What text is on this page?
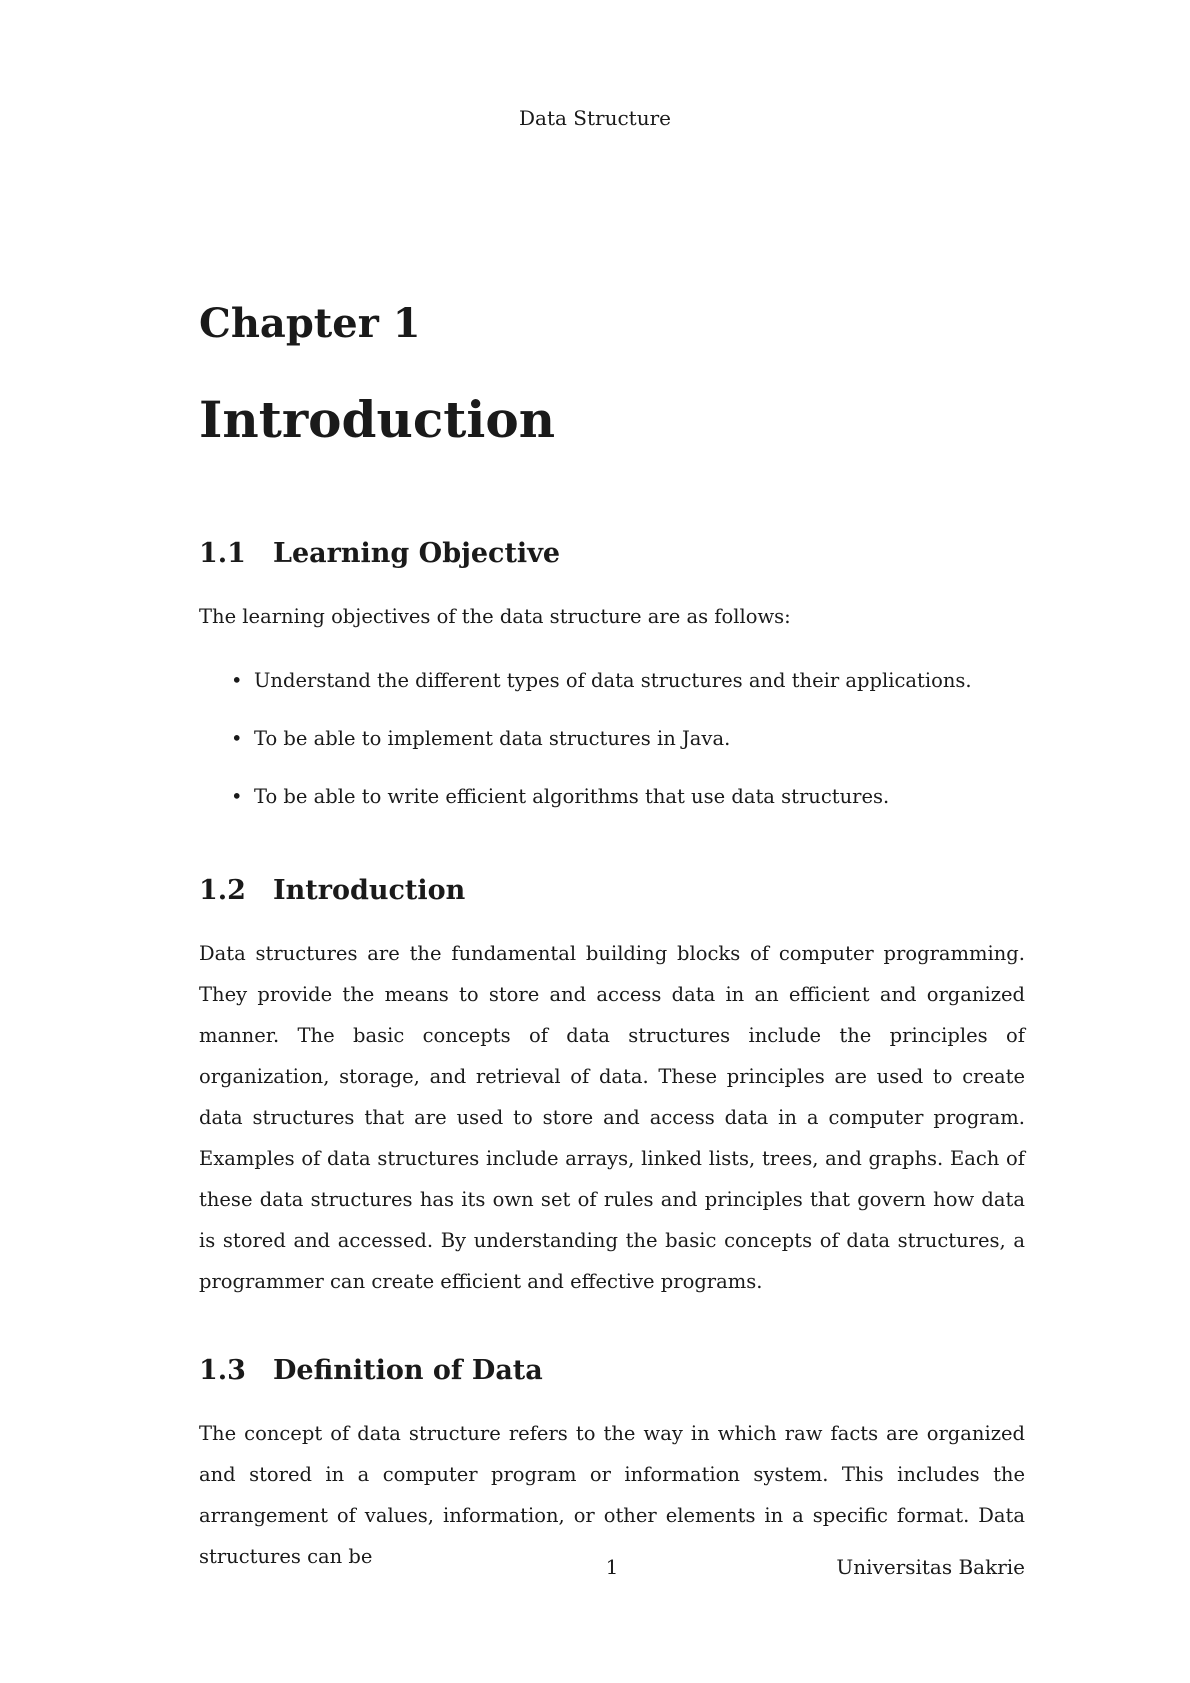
Data Structure
Chapter 1
Introduction
1.1	Learning Objective

The learning objectives of the data structure are as follows:

• Understand the different types of data structures and their applications.
• To be able to implement data structures in Java.
• To be able to write efficient algorithms that use data structures.
1.2	Introduction

Data structures are the fundamental building blocks of computer programming. They provide the means to store and access data in an efficient and organized manner. The basic concepts of data structures include the principles of organization, storage, and retrieval of data. These principles are used to create data structures that are used to store and access data in a computer program. Examples of data structures include arrays, linked lists, trees, and graphs. Each of these data structures has its own set of rules and principles that govern how data is stored and accessed. By understanding the basic concepts of data structures, a programmer can create efficient and effective programs.

1.3	Definition of Data

The concept of data structure refers to the way in which raw facts are organized and stored in a computer program or information system. This includes the arrangement of values, information, or other elements in a specific format. Data structures can be	1	Universitas Bakrie
